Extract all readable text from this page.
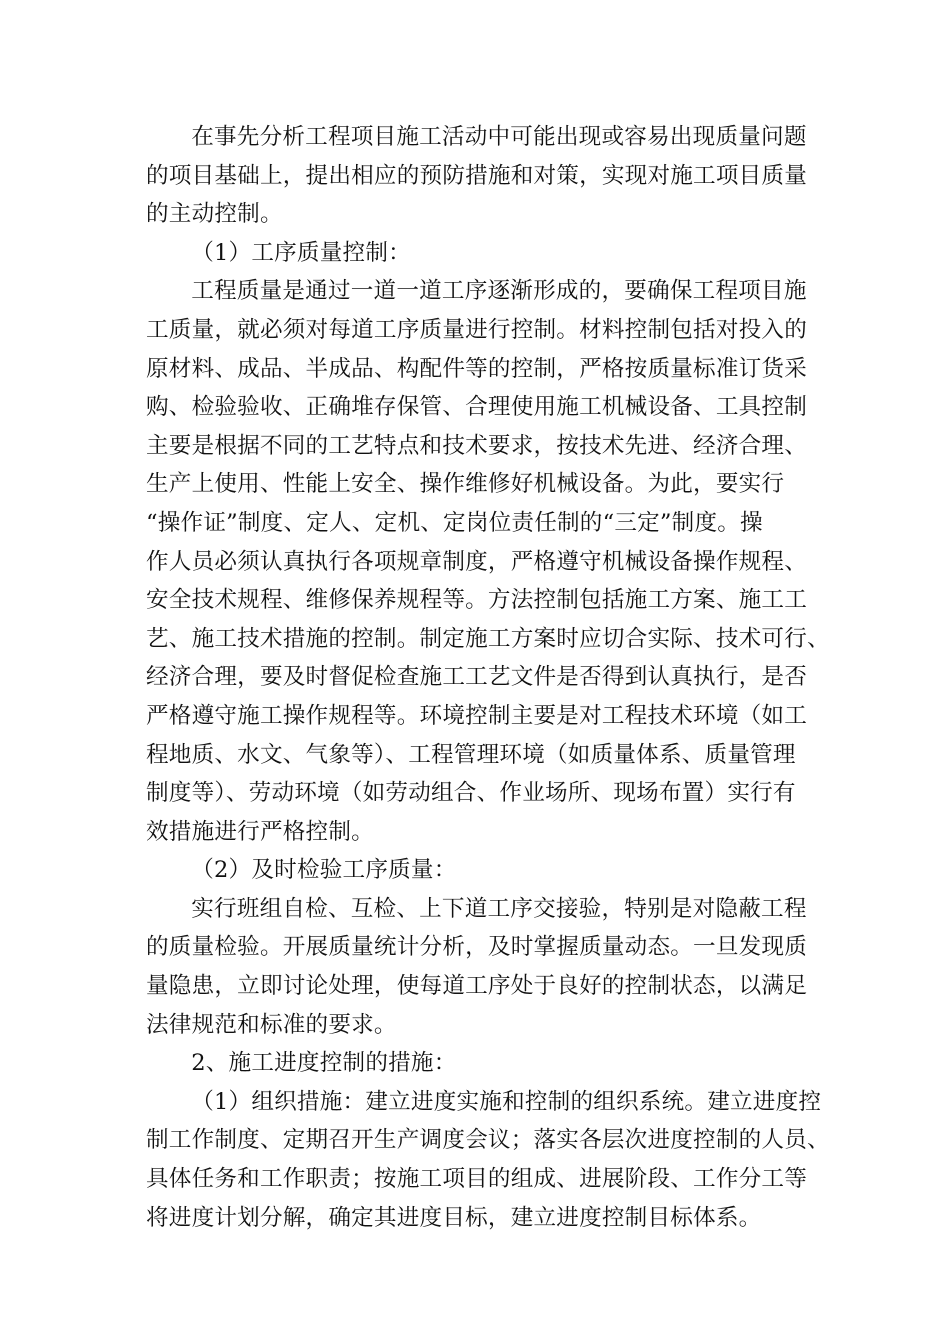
在事先分析工程项目施工活动中可能出现或容易出现质量问题
的项目基础上，提出相应的预防措施和对策，实现对施工项目质量
的主动控制。
（1）工序质量控制：
工程质量是通过一道一道工序逐渐形成的，要确保工程项目施
工质量，就必须对每道工序质量进行控制。材料控制包括对投入的
原材料、成品、半成品、构配件等的控制，严格按质量标准订货采
购、检验验收、正确堆存保管、合理使用施工机械设备、工具控制
主要是根据不同的工艺特点和技术要求，按技术先进、经济合理、
生产上使用、性能上安全、操作维修好机械设备。为此，要实行
“操作证”制度、定人、定机、定岗位责任制的“三定”制度。操
作人员必须认真执行各项规章制度，严格遵守机械设备操作规程、
安全技术规程、维修保养规程等。方法控制包括施工方案、施工工
艺、施工技术措施的控制。制定施工方案时应切合实际、技术可行、
经济合理，要及时督促检查施工工艺文件是否得到认真执行，是否
严格遵守施工操作规程等。环境控制主要是对工程技术环境（如工
程地质、水文、气象等）、工程管理环境（如质量体系、质量管理
制度等）、劳动环境（如劳动组合、作业场所、现场布置）实行有
效措施进行严格控制。
（2）及时检验工序质量：
实行班组自检、互检、上下道工序交接验，特别是对隐蔽工程
的质量检验。开展质量统计分析，及时掌握质量动态。一旦发现质
量隐患，立即讨论处理，使每道工序处于良好的控制状态，以满足
法律规范和标准的要求。
2、施工进度控制的措施：
（1）组织措施：建立进度实施和控制的组织系统。建立进度控
制工作制度、定期召开生产调度会议；落实各层次进度控制的人员、
具体任务和工作职责；按施工项目的组成、进展阶段、工作分工等
将进度计划分解，确定其进度目标，建立进度控制目标体系。
